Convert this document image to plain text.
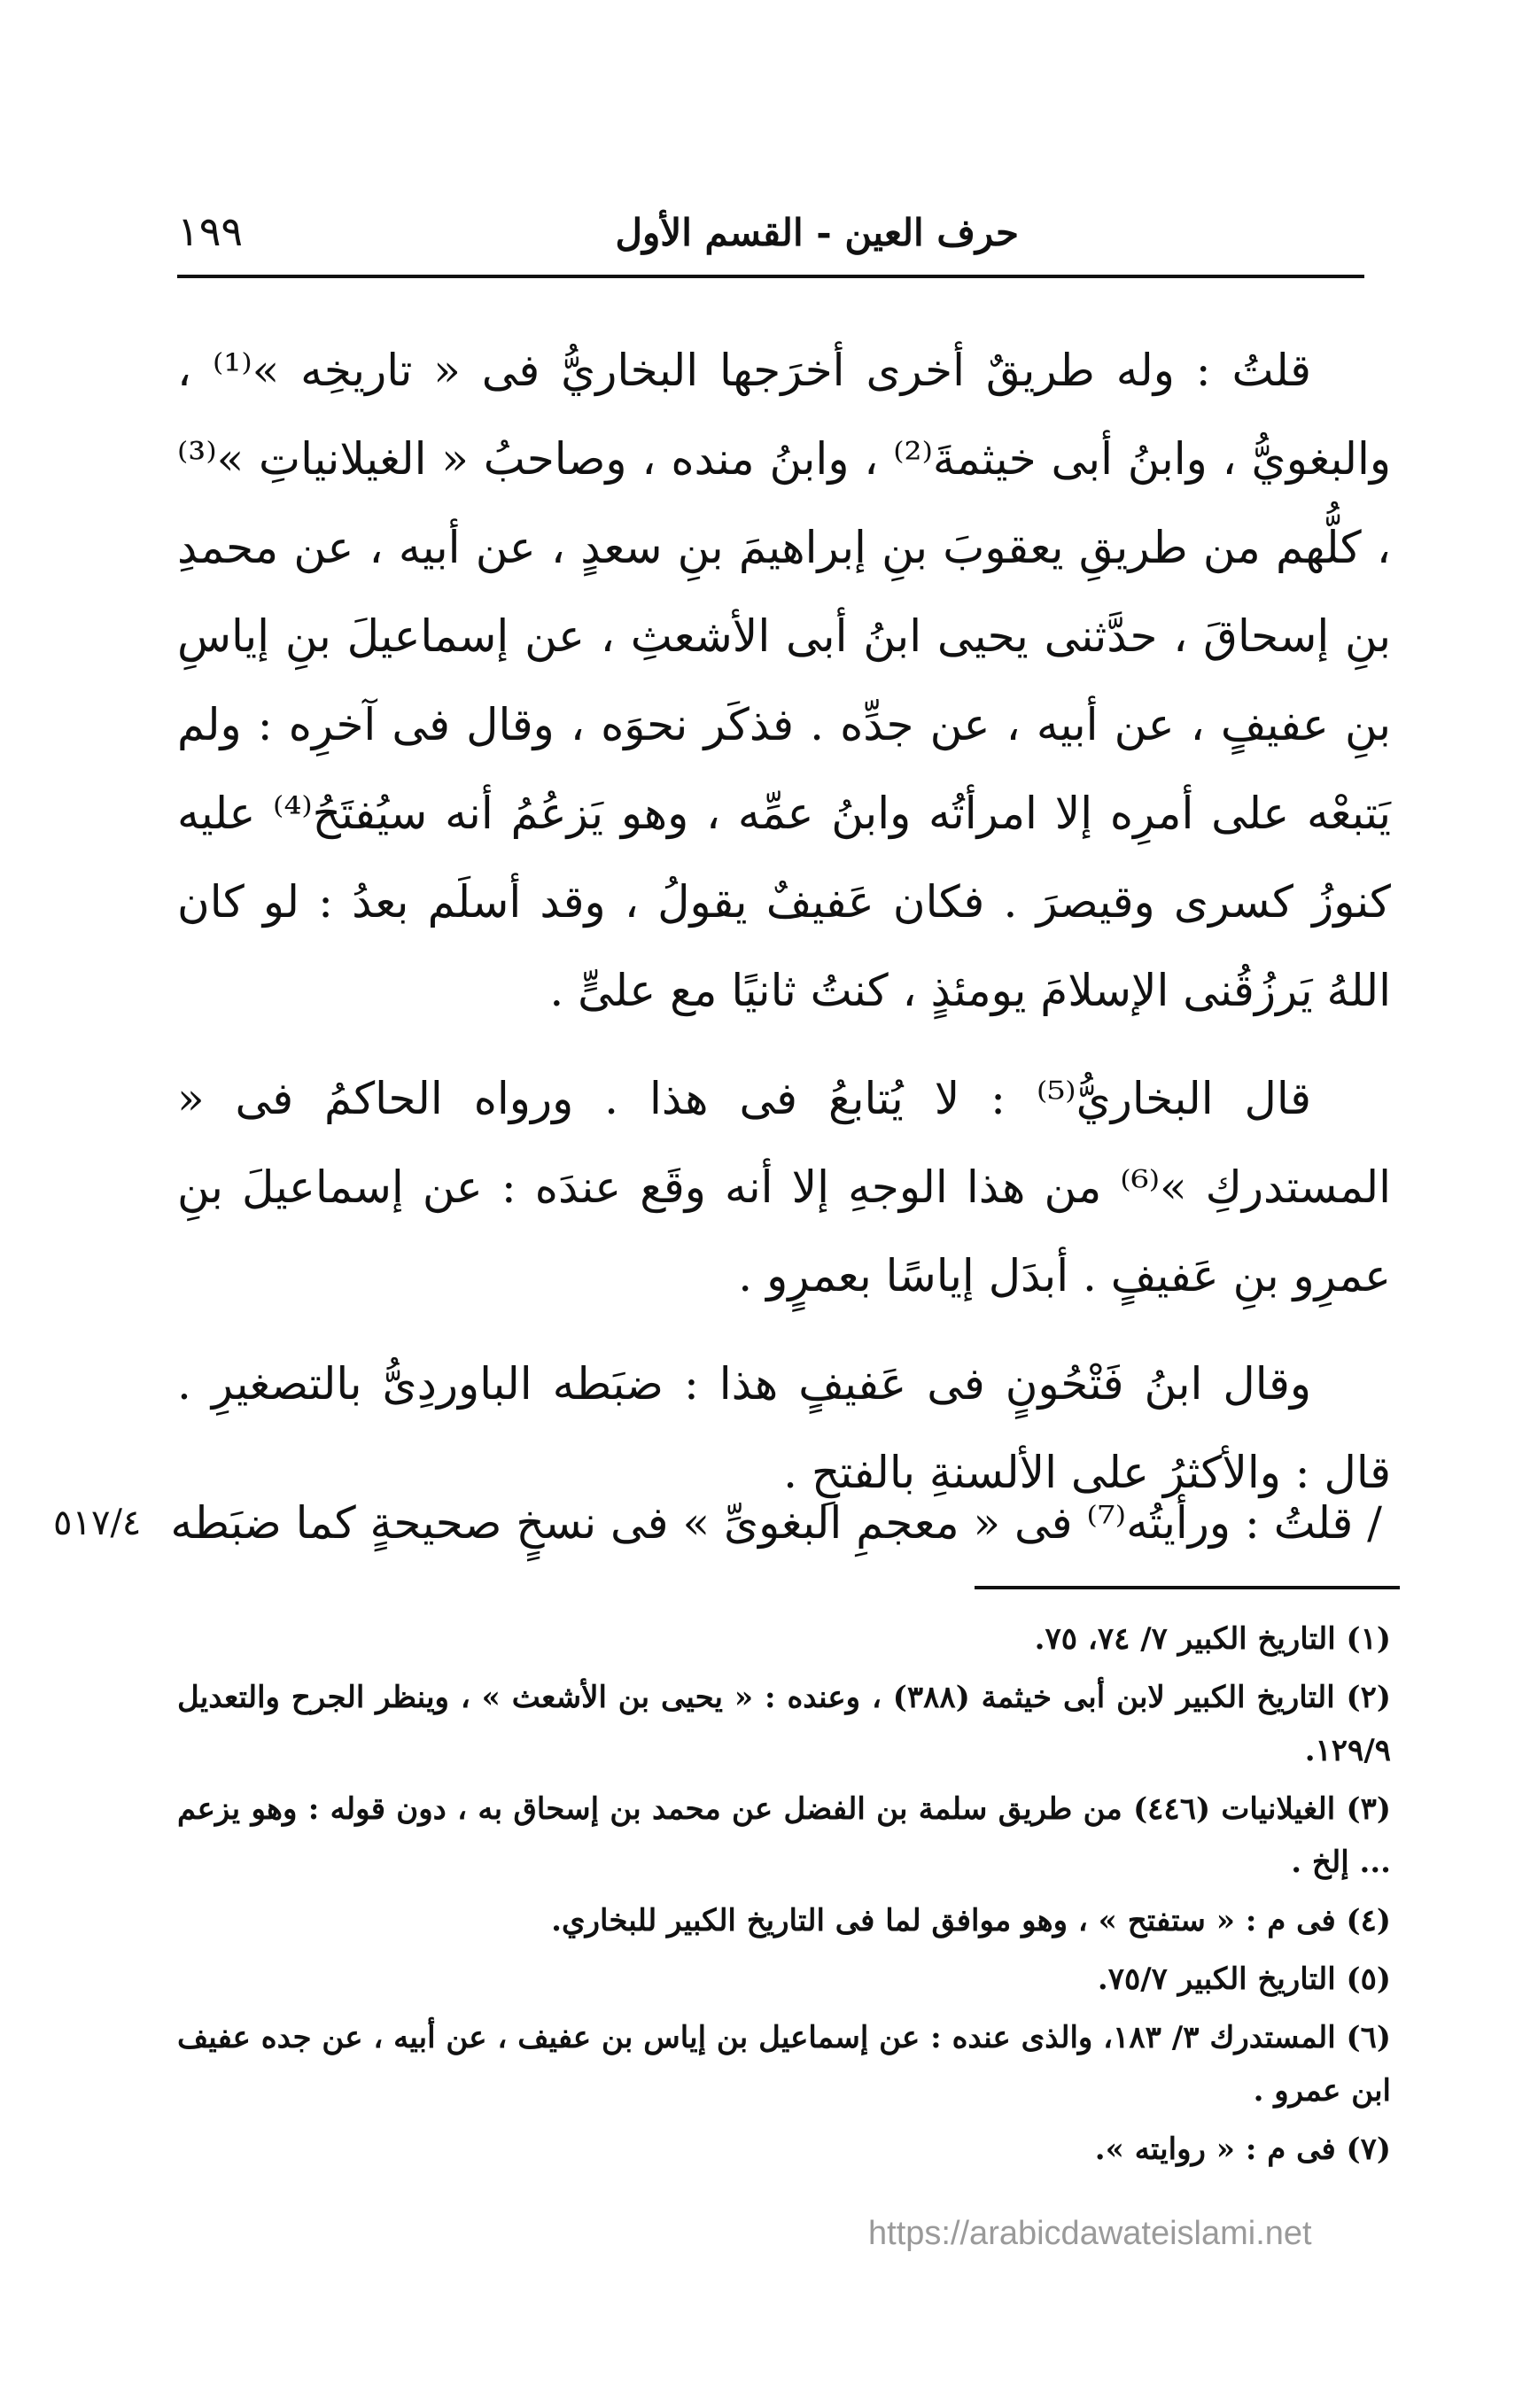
حرف العين - القسم الأول
١٩٩

قلتُ : وله طريقٌ أخرى أخرَجها البخاريُّ فى « تاريخِه »⁽¹⁾ ، والبغويُّ ، وابنُ أبى خيثمةَ⁽²⁾ ، وابنُ منده ، وصاحبُ « الغيلانياتِ »⁽³⁾ ، كلُّهم من طريقِ يعقوبَ بنِ إبراهيمَ بنِ سعدٍ ، عن أبيه ، عن محمدِ بنِ إسحاقَ ، حدَّثنى يحيى ابنُ أبى الأشعثِ ، عن إسماعيلَ بنِ إياسِ بنِ عفيفٍ ، عن أبيه ، عن جدِّه . فذكَر نحوَه ، وقال فى آخرِه : ولم يَتبعْه على أمرِه إلا امرأتُه وابنُ عمِّه ، وهو يَزعُمُ أنه سيُفتَحُ⁽⁴⁾ عليه كنوزُ كسرى وقيصرَ . فكان عَفيفٌ يقولُ ، وقد أسلَم بعدُ : لو كان اللهُ يَرزُقُنى الإسلامَ يومئذٍ ، كنتُ ثانيًا مع علىٍّ .

قال البخاريُّ⁽⁵⁾ : لا يُتابعُ فى هذا . ورواه الحاكمُ فى « المستدركِ »⁽⁶⁾ من هذا الوجهِ إلا أنه وقَع عندَه : عن إسماعيلَ بنِ عمرِو بنِ عَفيفٍ . أبدَل إياسًا بعمرٍو .

وقال ابنُ فَتْحُونٍ فى عَفيفٍ هذا : ضبَطه الباوردِىُّ بالتصغيرِ . قال : والأكثرُ على الألسنةِ بالفتحِ .

/ قلتُ : ورأيتُه⁽⁷⁾ فى « معجمِ البغوىِّ » فى نسخٍ صحيحةٍ كما ضبَطه
٥١٧/٤

(١) التاريخ الكبير ٧/ ٧٤، ٧٥.

(٢) التاريخ الكبير لابن أبى خيثمة (٣٨٨) ، وعنده : « يحيى بن الأشعث » ، وينظر الجرح والتعديل ١٢٩/٩.

(٣) الغيلانيات (٤٤٦) من طريق سلمة بن الفضل عن محمد بن إسحاق به ، دون قوله : وهو يزعم ... إلخ .

(٤) فى م : « ستفتح » ، وهو موافق لما فى التاريخ الكبير للبخاري.

(٥) التاريخ الكبير ٧٥/٧.

(٦) المستدرك ٣/ ١٨٣، والذى عنده : عن إسماعيل بن إياس بن عفيف ، عن أبيه ، عن جده عفيف ابن عمرو .

(٧) فى م : « روايته ».

https://arabicdawateislami.net
